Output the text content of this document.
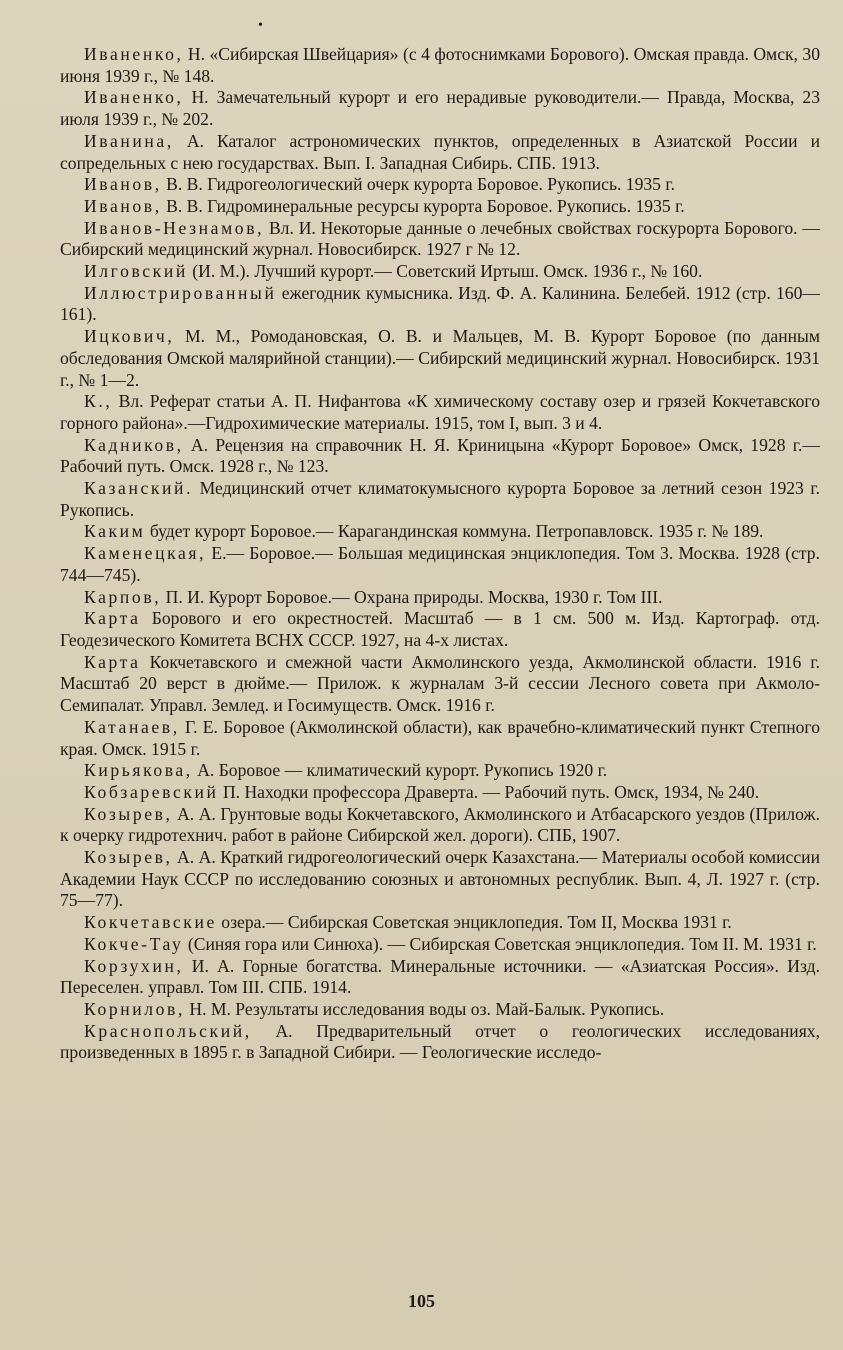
•

Иваненко, Н. «Сибирская Швейцария» (с 4 фотоснимками Борового). Омская правда. Омск, 30 июня 1939 г., № 148.

Иваненко, Н. Замечательный курорт и его нерадивые руководители.— Правда, Москва, 23 июля 1939 г., № 202.

Иванина, А. Каталог астрономических пунктов, определенных в Азиатской России и сопредельных с нею государствах. Вып. I. Западная Сибирь. СПБ. 1913.

Иванов, В. В. Гидрогеологический очерк курорта Боровое. Рукопись. 1935 г.

Иванов, В. В. Гидроминеральные ресурсы курорта Боровое. Рукопись. 1935 г.

Иванов-Незнамов, Вл. И. Некоторые данные о лечебных свойствах госкурорта Борового. — Сибирский медицинский журнал. Новосибирск. 1927 г № 12.

Илговский (И. М.). Лучший курорт.— Советский Иртыш. Омск. 1936 г., № 160.

Иллюстрированный ежегодник кумысника. Изд. Ф. А. Калинина. Белебей. 1912 (стр. 160—161).

Ицкович, М. М., Ромодановская, О. В. и Мальцев, М. В. Курорт Боровое (по данным обследования Омской малярийной станции).— Сибирский медицинский журнал. Новосибирск. 1931 г., № 1—2.

К., Вл. Реферат статьи А. П. Нифантова «К химическому составу озер и грязей Кокчетавского горного района».—Гидрохимические материалы. 1915, том I, вып. 3 и 4.

Кадников, А. Рецензия на справочник Н. Я. Криницына «Курорт Боровое» Омск, 1928 г.— Рабочий путь. Омск. 1928 г., № 123.

Казанский. Медицинский отчет климатокумысного курорта Боровое за летний сезон 1923 г. Рукопись.

Каким будет курорт Боровое.— Карагандинская коммуна. Петропавловск. 1935 г. № 189.

Каменецкая, Е.— Боровое.— Большая медицинская энциклопедия. Том 3. Москва. 1928 (стр. 744—745).

Карпов, П. И. Курорт Боровое.— Охрана природы. Москва, 1930 г. Том III.

Карта Борового и его окрестностей. Масштаб — в 1 см. 500 м. Изд. Картограф. отд. Геодезического Комитета ВСНХ СССР. 1927, на 4-х листах.

Карта Кокчетавского и смежной части Акмолинского уезда, Акмолинской области. 1916 г. Масштаб 20 верст в дюйме.— Прилож. к журналам 3-й сессии Лесного совета при Акмоло-Семипалат. Управл. Землед. и Госимуществ. Омск. 1916 г.

Катанаев, Г. Е. Боровое (Акмолинской области), как врачебно-климатический пункт Степного края. Омск. 1915 г.

Кирьякова, А. Боровое — климатический курорт. Рукопись 1920 г.

Кобзаревский П. Находки профессора Драверта. — Рабочий путь. Омск, 1934, № 240.

Козырев, А. А. Грунтовые воды Кокчетавского, Акмолинского и Атбасарского уездов (Прилож. к очерку гидротехнич. работ в районе Сибирской жел. дороги). СПБ, 1907.

Козырев, А. А. Краткий гидрогеологический очерк Казахстана.— Материалы особой комиссии Академии Наук СССР по исследованию союзных и автономных республик. Вып. 4, Л. 1927 г. (стр. 75—77).

Кокчетавские озера.— Сибирская Советская энциклопедия. Том II, Москва 1931 г.

Кокче-Тау (Синяя гора или Синюха). — Сибирская Советская энциклопедия. Том II. М. 1931 г.

Корзухин, И. А. Горные богатства. Минеральные источники. — «Азиатская Россия». Изд. Переселен. управл. Том III. СПБ. 1914.

Корнилов, Н. М. Результаты исследования воды оз. Май-Балык. Рукопись.

Краснопольский, А. Предварительный отчет о геологических исследованиях, произведенных в 1895 г. в Западной Сибири. — Геологические исследо-

105
